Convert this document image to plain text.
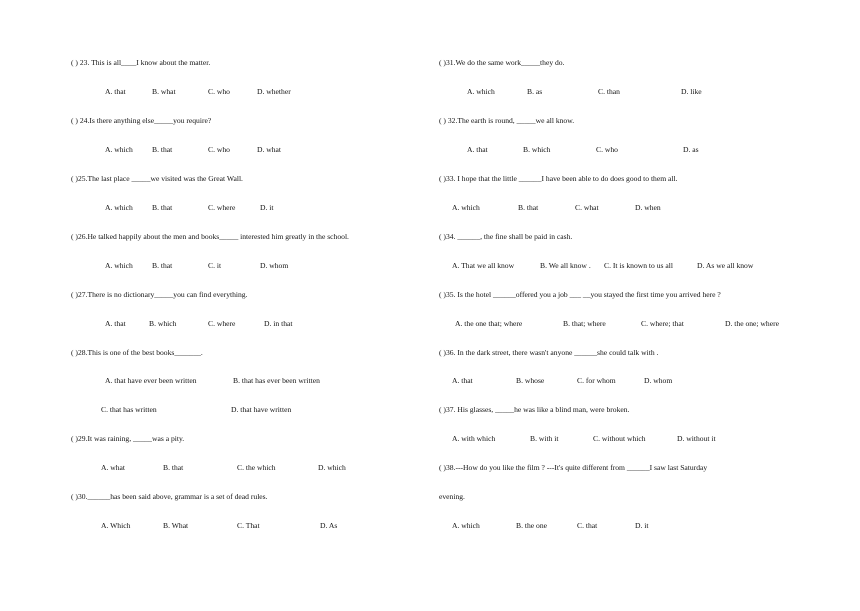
( ) 23. This is all____I know about the matter.
A. that	B. what	C. who	D. whether
( ) 24.Is there anything else_____you require?
A. which	B. that	C. who	D. what
( )25.The last place _____we visited was the Great Wall.
A. which	B. that	C. where	D. it
( )26.He talked happily about the men and books_____ interested him greatly in the school.
A. which	B. that	C. it	D. whom
( )27.There is no dictionary_____you can find everything.
A. that	B. which	C. where	D. in that
( )28.This is one of the best books_______.
A. that have ever been written	B. that has ever been written
C. that has written	D. that have written
( )29.It was raining, _____was a pity.
A. what	B. that	C. the which	D. which
( )30.______has been said above, grammar is a set of dead rules.
A. Which	B. What	C. That	D. As
( )31.We do the same work_____they do.
A. which	B. as	C. than	D. like
( ) 32.The earth is round, _____we all know.
A. that	B. which	C. who	D. as
( )33. I hope that the little ______I have been able to do does good to them all.
A. which	B. that	C. what	D. when
( )34. ______, the fine shall be paid in cash.
A. That we all know	B. We all know . C. It is known to us all	D. As we all know
( )35. Is the hotel ______offered you a job ___ __you stayed the first time you arrived here ?
A. the one that; where	B. that; where	C. where; that	D. the one; where
( )36. In the dark street, there wasn't anyone ______she could talk with .
A. that	B. whose	C. for whom	D. whom
( )37. His glasses, _____he was like a blind man, were broken.
A. with which	B. with it	C. without which	D. without it
( )38.---How do you like the film ? ---It's quite different from ______I saw last Saturday
evening.
A. which	B. the one	C. that	D. it
